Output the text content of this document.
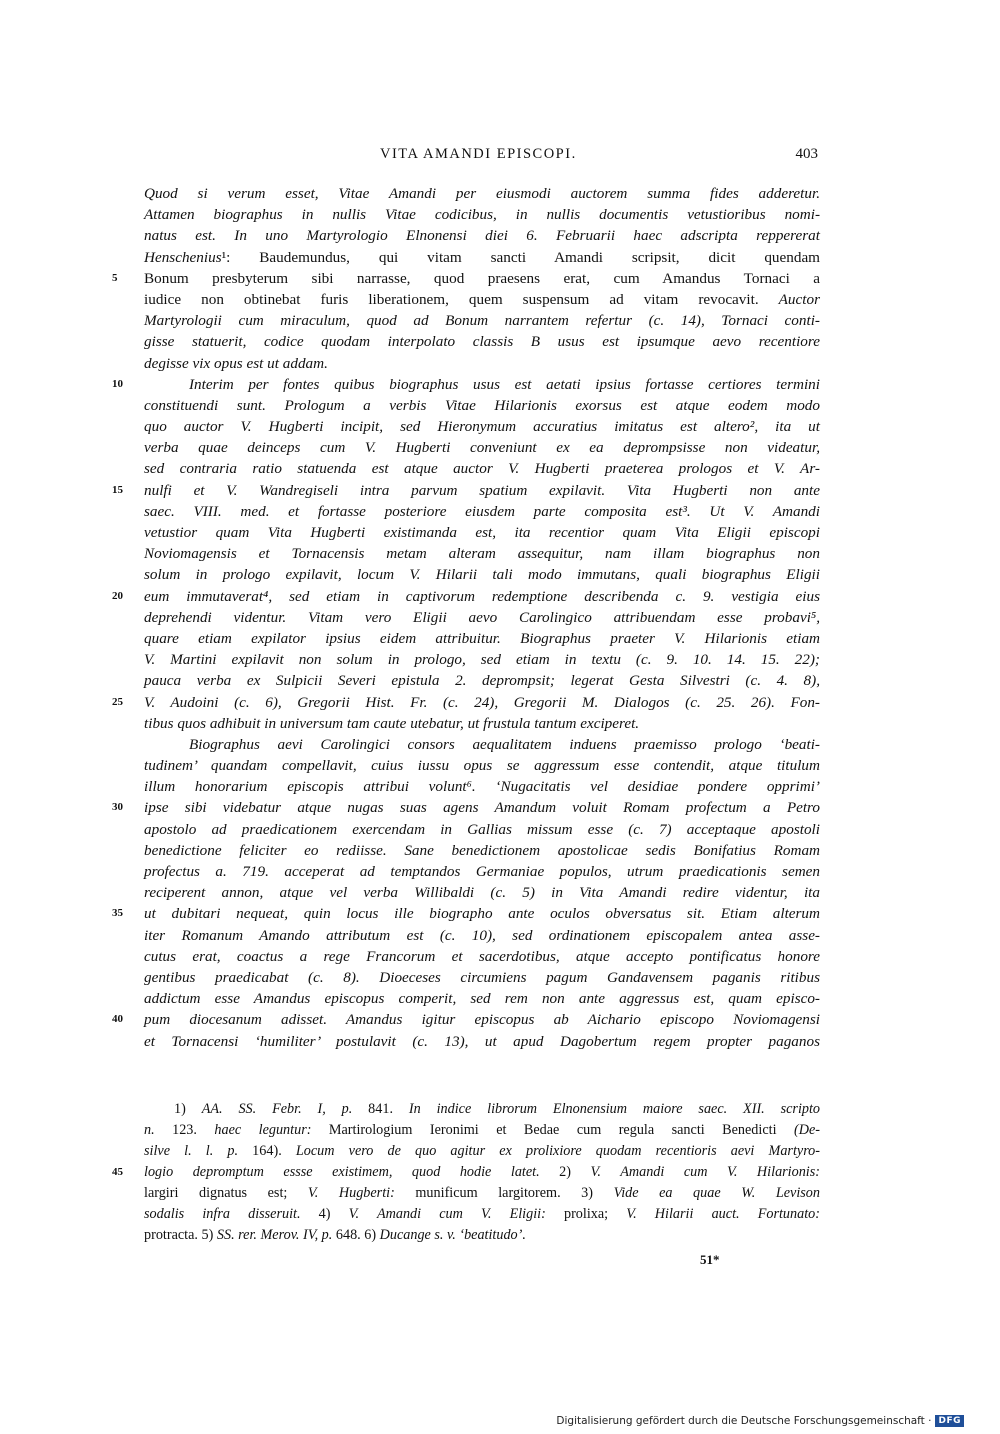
VITA AMANDI EPISCOPI.	403
Quod si verum esset, Vitae Amandi per eiusmodi auctorem summa fides adderetur.
Attamen biographus in nullis Vitae codicibus, in nullis documentis vetustioribus nomi-
natus est. In uno Martyrologio Elnonensi diei 6. Februarii haec adscripta reppererat
Henschenius¹: Baudemundus, qui vitam sancti Amandi scripsit, dicit quendam
5	Bonum presbyterum sibi narrasse, quod praesens erat, cum Amandus Tornaci a
iudice non obtinebat furis liberationem, quem suspensum ad vitam revocavit. Auctor
Martyrologii cum miraculum, quod ad Bonum narrantem refertur (c. 14), Tornaci conti-
gisse statuerit, codice quodam interpolato classis B usus est ipsumque aevo recentiore
degisse vix opus est ut addam.
10	Interim per fontes quibus biographus usus est aetati ipsius fortasse certiores termini
constituendi sunt. Prologum a verbis Vitae Hilarionis exorsus est atque eodem modo
quo auctor V. Hugberti incipit, sed Hieronymum accuratius imitatus est altero², ita ut
verba quae deinceps cum V. Hugberti conveniunt ex ea deprompsisse non videatur,
sed contraria ratio statuenda est atque auctor V. Hugberti praeterea prologos et V. Ar-
15	nulfi et V. Wandregiseli intra parvum spatium expilavit. Vita Hugberti non ante
saec. VIII. med. et fortasse posteriore eiusdem parte composita est³. Ut V. Amandi
vetustior quam Vita Hugberti existimanda est, ita recentior quam Vita Eligii episcopi
Noviomagensis et Tornacensis metam alteram assequitur, nam illam biographus non
solum in prologo expilavit, locum V. Hilarii tali modo immutans, quali biographus Eligii
20	eum immutaverat⁴, sed etiam in captivorum redemptione describenda c. 9. vestigia eius
deprehendi videntur. Vitam vero Eligii aevo Carolingico attribuendam esse probavi⁵,
quare etiam expilator ipsius eidem attribuitur. Biographus praeter V. Hilarionis etiam
V. Martini expilavit non solum in prologo, sed etiam in textu (c. 9. 10. 14. 15. 22);
pauca verba ex Sulpicii Severi epistula 2. deprompsit; legerat Gesta Silvestri (c. 4. 8),
25	V. Audoini (c. 6), Gregorii Hist. Fr. (c. 24), Gregorii M. Dialogos (c. 25. 26). Fon-
tibus quos adhibuit in universum tam caute utebatur, ut frustula tantum exciperet.
Biographus aevi Carolingici consors aequalitatem induens praemisso prologo ‘beati-
tudinem’ quandam compellavit, cuius iussu opus se aggressum esse contendit, atque titulum
illum honorarium episcopis attribui volunt⁶. ‘Nugacitatis vel desidiae pondere opprimi’
30	ipse sibi videbatur atque nugas suas agens Amandum voluit Romam profectum a Petro
apostolo ad praedicationem exercendam in Gallias missum esse (c. 7) acceptaque apostoli
benedictione feliciter eo rediisse. Sane benedictionem apostolicae sedis Bonifatius Romam
profectus a. 719. acceperat ad temptandos Germaniae populos, utrum praedicationis semen
reciperent annon, atque vel verba Willibaldi (c. 5) in Vita Amandi redire videntur, ita
35	ut dubitari nequeat, quin locus ille biographo ante oculos obversatus sit. Etiam alterum
iter Romanum Amando attributum est (c. 10), sed ordinationem episcopalem antea asse-
cutus erat, coactus a rege Francorum et sacerdotibus, atque accepto pontificatus honore
gentibus praedicabat (c. 8). Dioeceses circumiens pagum Gandavensem paganis ritibus
addictum esse Amandus episcopus comperit, sed rem non ante aggressus est, quam episco-
40	pum diocesanum adisset. Amandus igitur episcopus ab Aichario episcopo Noviomagensi
et Tornacensi ‘humiliter’ postulavit (c. 13), ut apud Dagobertum regem propter paganos
1) AA. SS. Febr. I, p. 841. In indice librorum Elnonensium maiore saec. XII. scripto
n. 123. haec leguntur: Martirologium Ieronimi et Bedae cum regula sancti Benedicti (De-
silve l. l. p. 164). Locum vero de quo agitur ex prolixiore quodam recentioris aevi Martyro-
45	logio depromptum essse existimem, quod hodie latet. 2) V. Amandi cum V. Hilarionis:
largiri dignatus est; V. Hugberti: munificum largitorem. 3) Vide ea quae W. Levison
sodalis infra disseruit. 4) V. Amandi cum V. Eligii: prolixa; V. Hilarii auct. Fortunato:
protracta. 5) SS. rer. Merov. IV, p. 648. 6) Ducange s. v. ‘beatitudo’.
51*
Digitalisierung gefördert durch die Deutsche Forschungsgemeinschaft · DFG
